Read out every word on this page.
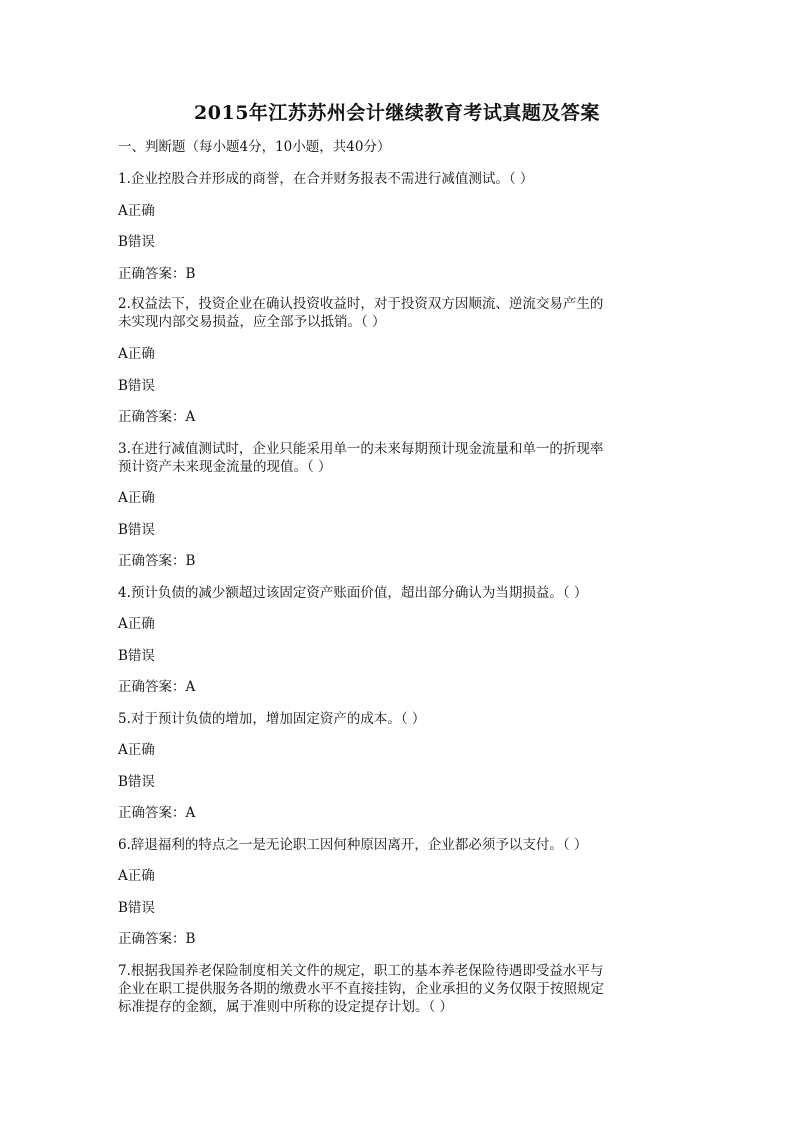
2015年江苏苏州会计继续教育考试真题及答案
一、判断题（每小题4分，10小题，共40分）
1.企业控股合并形成的商誉，在合并财务报表不需进行减值测试。（ ）
A正确
B错误
正确答案：B
2.权益法下，投资企业在确认投资收益时，对于投资双方因顺流、逆流交易产生的
未实现内部交易损益，应全部予以抵销。（ ）
A正确
B错误
正确答案：A
3.在进行减值测试时，企业只能采用单一的未来每期预计现金流量和单一的折现率
预计资产未来现金流量的现值。（ ）
A正确
B错误
正确答案：B
4.预计负债的减少额超过该固定资产账面价值，超出部分确认为当期损益。（ ）
A正确
B错误
正确答案：A
5.对于预计负债的增加，增加固定资产的成本。（ ）
A正确
B错误
正确答案：A
6.辞退福利的特点之一是无论职工因何种原因离开，企业都必须予以支付。（ ）
A正确
B错误
正确答案：B
7.根据我国养老保险制度相关文件的规定，职工的基本养老保险待遇即受益水平与
企业在职工提供服务各期的缴费水平不直接挂钩，企业承担的义务仅限于按照规定
标准提存的金额，属于准则中所称的设定提存计划。（ ）
